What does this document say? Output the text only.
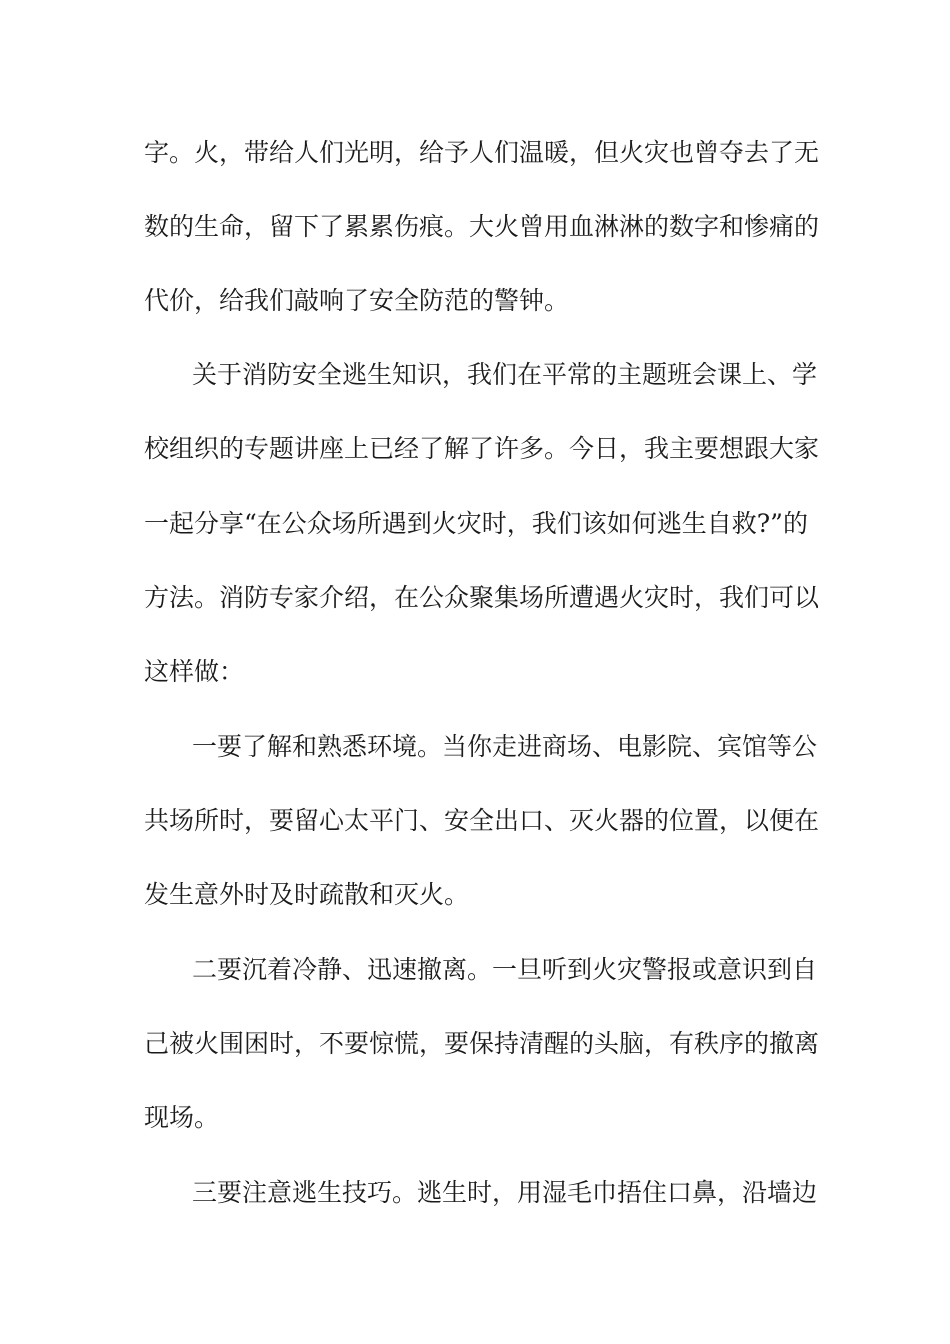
字。火，带给人们光明，给予人们温暖，但火灾也曾夺去了无
数的生命，留下了累累伤痕。大火曾用血淋淋的数字和惨痛的
代价，给我们敲响了安全防范的警钟。
关于消防安全逃生知识，我们在平常的主题班会课上、学
校组织的专题讲座上已经了解了许多。今日，我主要想跟大家
一起分享“在公众场所遇到火灾时，我们该如何逃生自救?”的
方法。消防专家介绍，在公众聚集场所遭遇火灾时，我们可以
这样做：
一要了解和熟悉环境。当你走进商场、电影院、宾馆等公
共场所时，要留心太平门、安全出口、灭火器的位置，以便在
发生意外时及时疏散和灭火。
二要沉着冷静、迅速撤离。一旦听到火灾警报或意识到自
己被火围困时，不要惊慌，要保持清醒的头脑，有秩序的撤离
现场。
三要注意逃生技巧。逃生时，用湿毛巾捂住口鼻，沿墙边
